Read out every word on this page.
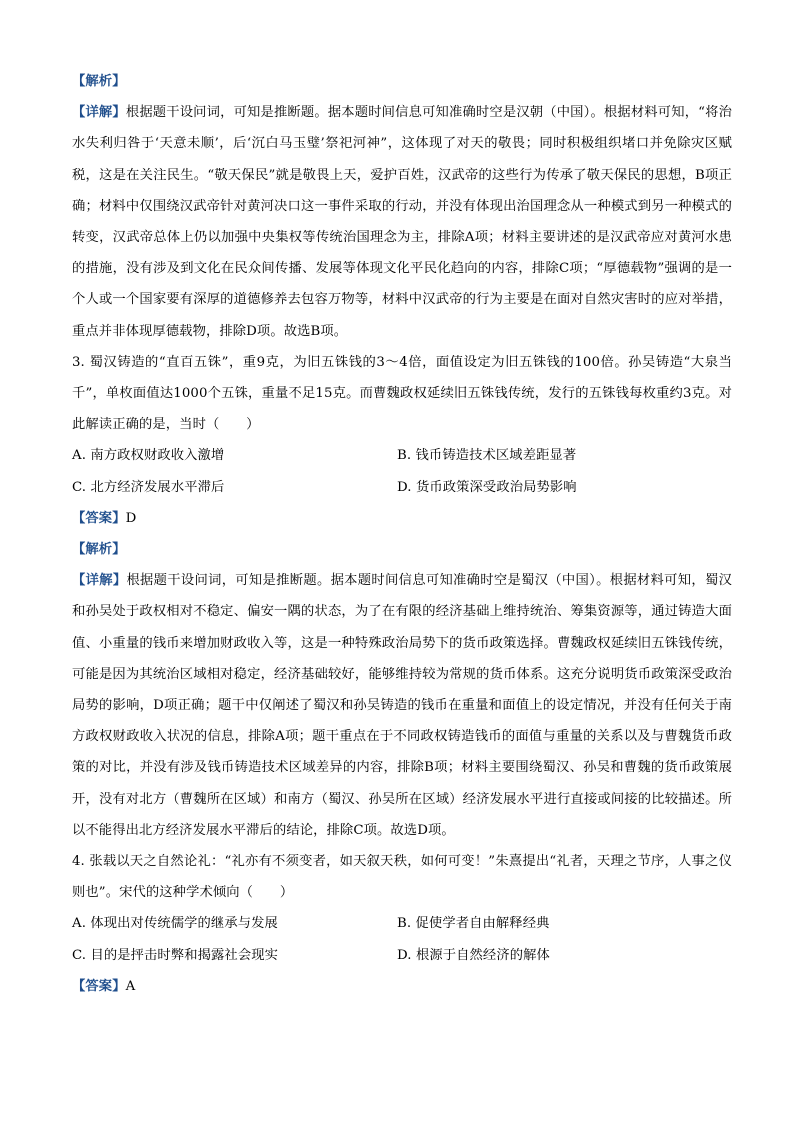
【解析】

【详解】根据题干设问词，可知是推断题。据本题时间信息可知准确时空是汉朝（中国）。根据材料可知，“将治水失利归咎于‘天意未顺’，后‘沉白马玉璧’祭祀河神”，这体现了对天的敬畏；同时积极组织堵口并免除灾区赋税，这是在关注民生。“敬天保民”就是敬畏上天，爱护百姓，汉武帝的这些行为传承了敬天保民的思想，B项正确；材料中仅围绕汉武帝针对黄河决口这一事件采取的行动，并没有体现出治国理念从一种模式到另一种模式的转变，汉武帝总体上仍以加强中央集权等传统治国理念为主，排除A项；材料主要讲述的是汉武帝应对黄河水患的措施，没有涉及到文化在民众间传播、发展等体现文化平民化趋向的内容，排除C项；“厚德载物”强调的是一个人或一个国家要有深厚的道德修养去包容万物等，材料中汉武帝的行为主要是在面对自然灾害时的应对举措，重点并非体现厚德载物，排除D项。故选B项。

3. 蜀汉铸造的“直百五铢”，重9克，为旧五铢钱的3～4倍，面值设定为旧五铢钱的100倍。孙吴铸造“大泉当千”，单枚面值达1000个五铢，重量不足15克。而曹魏政权延续旧五铢钱传统，发行的五铢钱每枚重约3克。对此解读正确的是，当时（　　）

A. 南方政权财政收入激增	B. 钱币铸造技术区域差距显著
C. 北方经济发展水平滞后	D. 货币政策深受政治局势影响

【答案】D

【解析】

【详解】根据题干设问词，可知是推断题。据本题时间信息可知准确时空是蜀汉（中国）。根据材料可知，蜀汉和孙吴处于政权相对不稳定、偏安一隅的状态，为了在有限的经济基础上维持统治、筹集资源等，通过铸造大面值、小重量的钱币来增加财政收入等，这是一种特殊政治局势下的货币政策选择。曹魏政权延续旧五铢钱传统，可能是因为其统治区域相对稳定，经济基础较好，能够维持较为常规的货币体系。这充分说明货币政策深受政治局势的影响，D项正确；题干中仅阐述了蜀汉和孙吴铸造的钱币在重量和面值上的设定情况，并没有任何关于南方政权财政收入状况的信息，排除A项；题干重点在于不同政权铸造钱币的面值与重量的关系以及与曹魏货币政策的对比，并没有涉及钱币铸造技术区域差异的内容，排除B项；材料主要围绕蜀汉、孙吴和曹魏的货币政策展开，没有对北方（曹魏所在区域）和南方（蜀汉、孙吴所在区域）经济发展水平进行直接或间接的比较描述。所以不能得出北方经济发展水平滞后的结论，排除C项。故选D项。

4. 张载以天之自然论礼：“礼亦有不须变者，如天叙天秩，如何可变！”朱熹提出“礼者，天理之节序，人事之仪则也”。宋代的这种学术倾向（　　）

A. 体现出对传统儒学的继承与发展	B. 促使学者自由解释经典
C. 目的是抨击时弊和揭露社会现实	D. 根源于自然经济的解体

【答案】A
